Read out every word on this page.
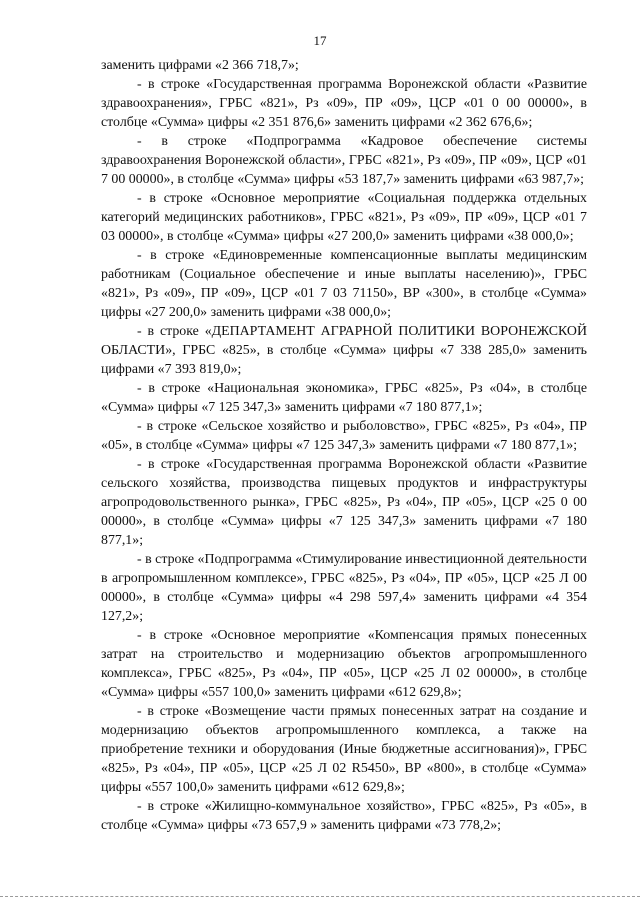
17

заменить цифрами «2 366 718,7»;

- в строке «Государственная программа Воронежской области «Развитие здравоохранения», ГРБС «821», Рз «09», ПР «09», ЦСР «01 0 00 00000», в столбце «Сумма» цифры «2 351 876,6» заменить цифрами «2 362 676,6»;

- в строке «Подпрограмма «Кадровое обеспечение системы здравоохранения Воронежской области», ГРБС «821», Рз «09», ПР «09», ЦСР «01 7 00 00000», в столбце «Сумма» цифры «53 187,7» заменить цифрами «63 987,7»;

- в строке «Основное мероприятие «Социальная поддержка отдельных категорий медицинских работников», ГРБС «821», Рз «09», ПР «09», ЦСР «01 7 03 00000», в столбце «Сумма» цифры «27 200,0» заменить цифрами «38 000,0»;

- в строке «Единовременные компенсационные выплаты медицинским работникам (Социальное обеспечение и иные выплаты населению)», ГРБС «821», Рз «09», ПР «09», ЦСР «01 7 03 71150», ВР «300», в столбце «Сумма» цифры «27 200,0» заменить цифрами «38 000,0»;

- в строке «ДЕПАРТАМЕНТ АГРАРНОЙ ПОЛИТИКИ ВОРОНЕЖСКОЙ ОБЛАСТИ», ГРБС «825», в столбце «Сумма» цифры «7 338 285,0» заменить цифрами «7 393 819,0»;

- в строке «Национальная экономика», ГРБС «825», Рз «04», в столбце «Сумма» цифры «7 125 347,3» заменить цифрами «7 180 877,1»;

- в строке «Сельское хозяйство и рыболовство», ГРБС «825», Рз «04», ПР «05», в столбце «Сумма» цифры «7 125 347,3» заменить цифрами «7 180 877,1»;

- в строке «Государственная программа Воронежской области «Развитие сельского хозяйства, производства пищевых продуктов и инфраструктуры агропродовольственного рынка», ГРБС «825», Рз «04», ПР «05», ЦСР «25 0 00 00000», в столбце «Сумма» цифры «7 125 347,3» заменить цифрами «7 180 877,1»;

- в строке «Подпрограмма «Стимулирование инвестиционной деятельности в агропромышленном комплексе», ГРБС «825», Рз «04», ПР «05», ЦСР «25 Л 00 00000», в столбце «Сумма» цифры «4 298 597,4» заменить цифрами «4 354 127,2»;

- в строке «Основное мероприятие «Компенсация прямых понесенных затрат на строительство и модернизацию объектов агропромышленного комплекса», ГРБС «825», Рз «04», ПР «05», ЦСР «25 Л 02 00000», в столбце «Сумма» цифры «557 100,0» заменить цифрами «612 629,8»;

- в строке «Возмещение части прямых понесенных затрат на создание и модернизацию объектов агропромышленного комплекса, а также на приобретение техники и оборудования (Иные бюджетные ассигнования)», ГРБС «825», Рз «04», ПР «05», ЦСР «25 Л 02 R5450», ВР «800», в столбце «Сумма» цифры «557 100,0» заменить цифрами «612 629,8»;

- в строке «Жилищно-коммунальное хозяйство», ГРБС «825», Рз «05», в столбце «Сумма» цифры «73 657,9 » заменить цифрами «73 778,2»;
